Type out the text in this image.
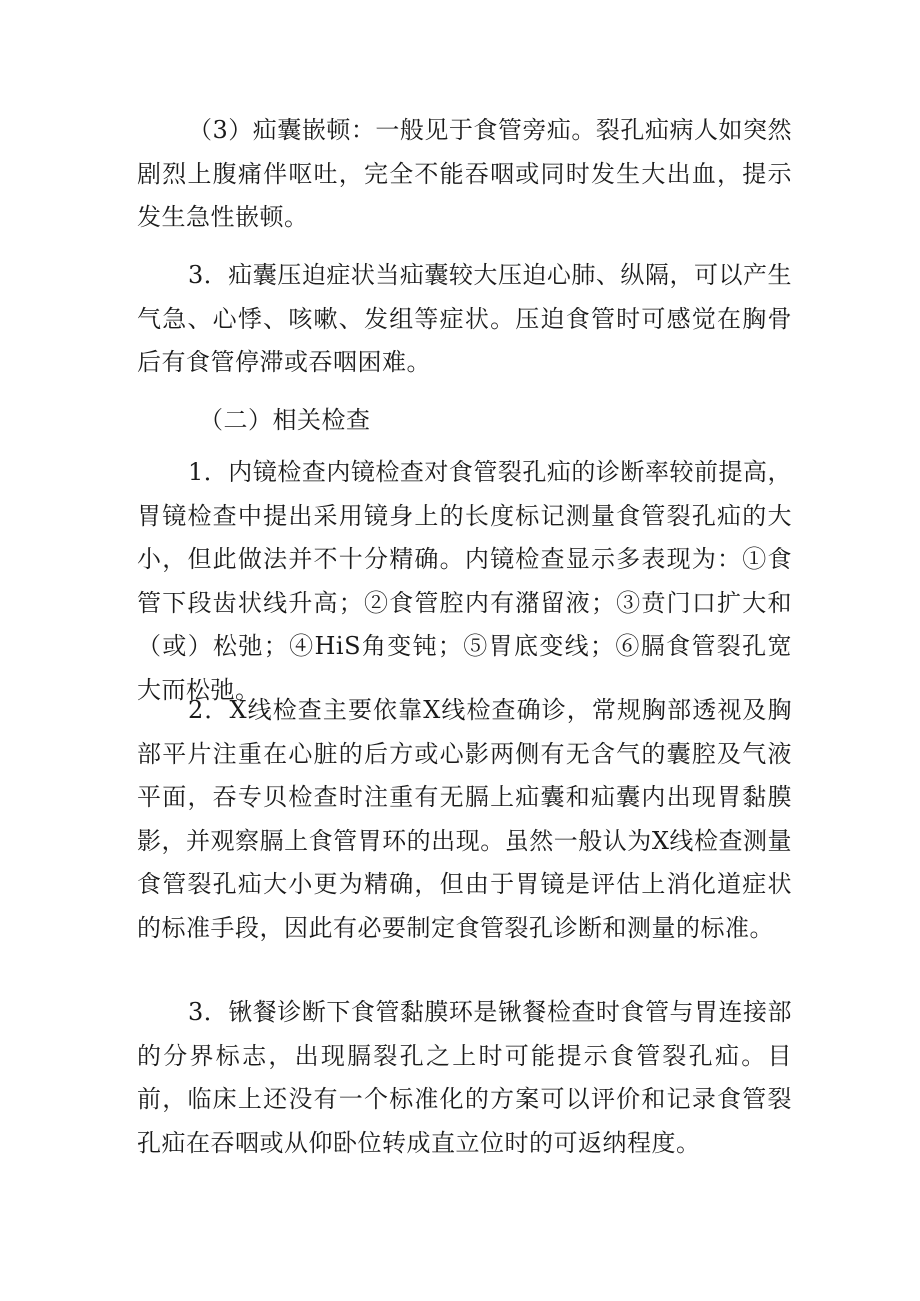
（3）疝囊嵌顿：一般见于食管旁疝。裂孔疝病人如突然剧烈上腹痛伴呕吐，完全不能吞咽或同时发生大出血，提示发生急性嵌顿。

3．疝囊压迫症状当疝囊较大压迫心肺、纵隔，可以产生气急、心悸、咳嗽、发组等症状。压迫食管时可感觉在胸骨后有食管停滞或吞咽困难。

（二）相关检查

1．内镜检查内镜检查对食管裂孔疝的诊断率较前提高，胃镜检查中提出采用镜身上的长度标记测量食管裂孔疝的大小，但此做法并不十分精确。内镜检查显示多表现为：①食管下段齿状线升高；②食管腔内有潴留液；③贲门口扩大和（或）松弛；④HiS角变钝；⑤胃底变线；⑥膈食管裂孔宽大而松弛。

2．X线检查主要依靠X线检查确诊，常规胸部透视及胸部平片注重在心脏的后方或心影两侧有无含气的囊腔及气液平面，吞专贝检查时注重有无膈上疝囊和疝囊内出现胃黏膜影，并观察膈上食管胃环的出现。虽然一般认为X线检查测量食管裂孔疝大小更为精确，但由于胃镜是评估上消化道症状的标准手段，因此有必要制定食管裂孔诊断和测量的标准。

3．锹餐诊断下食管黏膜环是锹餐检查时食管与胃连接部的分界标志，出现膈裂孔之上时可能提示食管裂孔疝。目前，临床上还没有一个标准化的方案可以评价和记录食管裂孔疝在吞咽或从仰卧位转成直立位时的可返纳程度。
